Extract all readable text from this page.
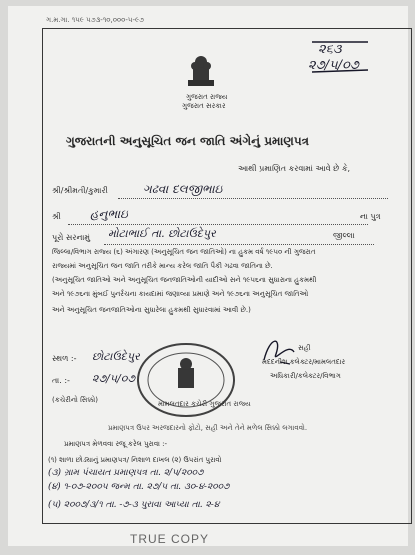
ગ.મ.ગા. ૧૫૯ ૫૭૩-૧૦,૦૦૦-૫-૯૭
૨૬૩
૨૭/૫/૦૭
ગુજરાત રાજ્ય
ગુજરાત સરકાર
ગુજરાતની અનુસૂચિત જન જાતિ અંગેનું પ્રમાણપત્ર
આથી પ્રમાણિત કરવામાં આવે છે કે,
શ્રી/શ્રીમતી/કુમારી	ગઢવા દલજીભાઇ
શ્રી હનુભાઇ	ના પુત્ર
પૂરો સરનામું મોટાભાઈ તા. છોટાઉદેપુર	જીલ્લા
જિલ્લા/વિભાગ રાજ્ય (૬) અંગારણ (અનુસૂચિત જન જાતિઓ) ના હુકમ વર્ષ ૧૯૫૦ ની ગુજરાત
રાજ્યમાં અનુસૂચિત જન જાતિ તરીકે માન્ય કરેલ જાતિ પૈકી ગઢવા જાતિના છે.
(અનુસૂચિત જાતિઓ અને અનુસૂચિત જનજાતિઓની યાદીઓ સને ૧૯૫૬ના સુધારાના હુકમથી
અને ૧૯૭૬ના મુંબઈ પુનર્રચના કાયદામાં જણાવ્યા પ્રમાણે અને ૧૯૭૬ના અનુસૂચિત જાતિઓ
અને અનુસૂચિત જનજાતિઓના સુધારેલા હુકમથી સુધારવામાં આવી છે.)
સ્થળ :- છોટાઉદેપુર
તા. :- ૨૭/૫/૦૭
(કચેરીનો સિક્કો)	મામલતદાર કચેરી ગુજરાત રાજ્ય
સહી
મદદનીશ કલેક્ટર/મામલતદાર
અધિકારી/કલેક્ટર/વિભાગ
પ્રમાણપત્ર ઉપર અરજદારનો ફોટો, સહી અને તેને મળેલ સિક્કો લગાવવો.
પ્રમાણપત્ર મેળવવા રજૂ કરેલ પુરાવા :-
(૧) શાળા છોડ્યાનું પ્રમાણપત્ર/ નિશાળ દાખલ (૨) ઉપરાંત પુરાવો
(૩) ગ્રામ પંચાયત પ્રમાણપત્ર તા. ૨/૫/૨૦૦૭
(૪) ૧-૦૭-૨૦૦૫ જન્મ તા. ૨૭/૫ તા. ૩૦-૪-૨૦૦૭
(૫) ૨૦૦૭/૩/૧ તા. -૭-૩ પુરાવા આપ્યા તા. ૨-૪
TRUE COPY
